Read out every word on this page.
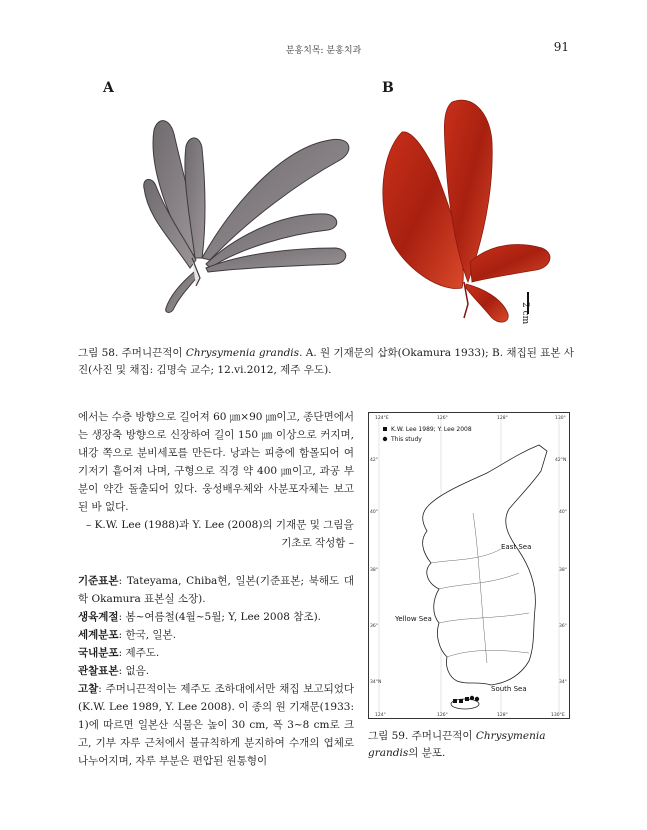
분홍치목: 분홍치과	91
A	B
2 cm
그림 58. 주머니끈적이 Chrysymenia grandis. A. 원 기재문의 삽화(Okamura 1933); B. 채집된 표본 사진(사진 및 채집: 김명숙 교수; 12.vi.2012, 제주 우도).

에서는 수층 방향으로 길어져 60 ㎛×90 ㎛이고, 종단면에서는 생장축 방향으로 신장하여 길이 150 ㎛ 이상으로 커지며, 내강 쪽으로 분비세포를 만든다. 낭과는 피층에 함몰되어 여기저기 흩어져 나며, 구형으로 직경 약 400 ㎛이고, 과공 부분이 약간 돌출되어 있다. 웅성배우체와 사분포자체는 보고된 바 없다.

– K.W. Lee (1988)과 Y. Lee (2008)의 기재문 및 그림을
기초로 작성함 –

기준표본: Tateyama, Chiba현, 일본(기준표본; 북해도 대학 Okamura 표본실 소장).

생육계절: 봄~여름철(4월~5월; Y, Lee 2008 참조).

세계분포: 한국, 일본.

국내분포: 제주도.

관찰표본: 없음.

고찰: 주머니끈적이는 제주도 조하대에서만 채집 보고되었다(K.W. Lee 1989, Y. Lee 2008). 이 종의 원 기재문(1933: 1)에 따르면 일본산 식물은 높이 30 cm, 폭 3~8 cm로 크고, 기부 자루 근처에서 불규칙하게 분지하여 수개의 엽체로 나누어지며, 자루 부분은 편압된 원통형이

124°E	126°	128°	130°
124°	126°	128°	130°E
42°
40°
38°
36°
34°N
42°N
40°
38°
36°
34°
K.W. Lee 1989; Y. Lee 2008
This study
East Sea
Yellow Sea
South Sea
그림 59. 주머니끈적이 Chrysymenia grandis의 분포.
